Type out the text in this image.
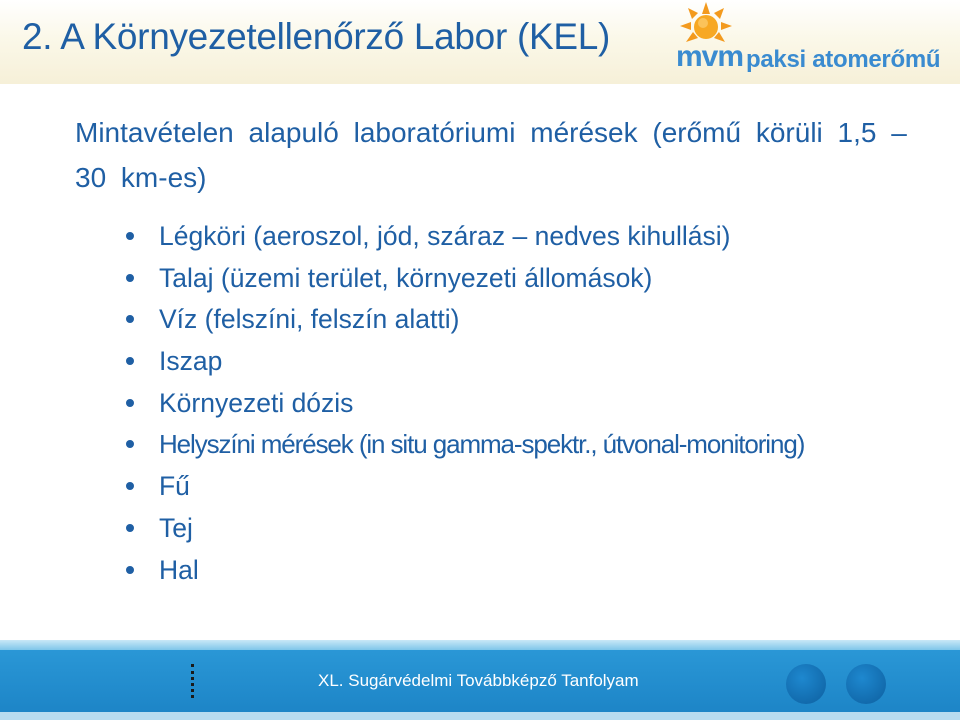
2. A Környezetellenőrző Labor (KEL) mvm paksi atomerőmű
Mintavételen alapuló laboratóriumi mérések (erőmű körüli 1,5 – 30 km-es)
Légköri (aeroszol, jód, száraz – nedves kihullási)
Talaj (üzemi terület, környezeti állomások)
Víz (felszíni, felszín alatti)
Iszap
Környezeti dózis
Helyszíni mérések (in situ gamma-spektr., útvonal-monitoring)
Fű
Tej
Hal
XL. Sugárvédelmi Továbbképző Tanfolyam
